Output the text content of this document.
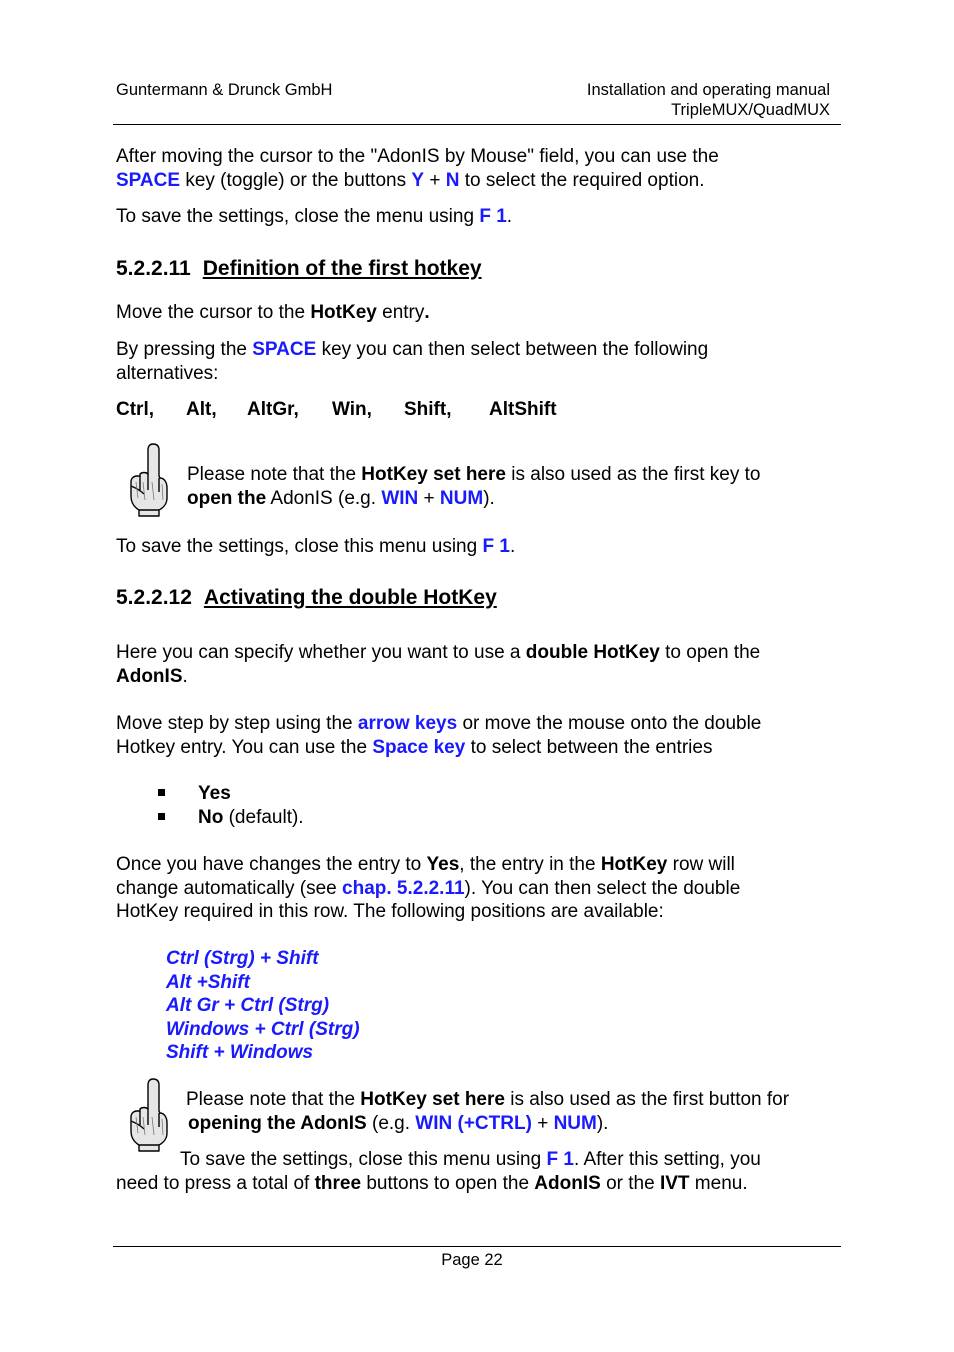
Guntermann & Drunck GmbH	Installation and operating manual
TripleMUX/QuadMUX
After moving the cursor to the "AdonIS by Mouse" field, you can use the
SPACE key (toggle) or the buttons Y + N to select the required option.
To save the settings, close the menu using F 1.
5.2.2.11 Definition of the first hotkey
Move the cursor to the HotKey entry.
By pressing the SPACE key you can then select between the following
alternatives:
Ctrl, Alt, AltGr, Win, Shift, AltShift
Please note that the HotKey set here is also used as the first key to
open the AdonIS (e.g. WIN + NUM).
To save the settings, close this menu using F 1.
5.2.2.12 Activating the double HotKey
Here you can specify whether you want to use a double HotKey to open the
AdonIS.
Move step by step using the arrow keys or move the mouse onto the double
Hotkey entry. You can use the Space key to select between the entries
Yes
No (default).
Once you have changes the entry to Yes, the entry in the HotKey row will
change automatically (see chap. 5.2.2.11). You can then select the double
HotKey required in this row. The following positions are available:
Ctrl (Strg) + Shift
Alt +Shift
Alt Gr + Ctrl (Strg)
Windows + Ctrl (Strg)
Shift + Windows
Please note that the HotKey set here is also used as the first button for
opening the AdonIS (e.g. WIN (+CTRL) + NUM).
To save the settings, close this menu using F 1. After this setting, you
need to press a total of three buttons to open the AdonIS or the IVT menu.
Page 22
